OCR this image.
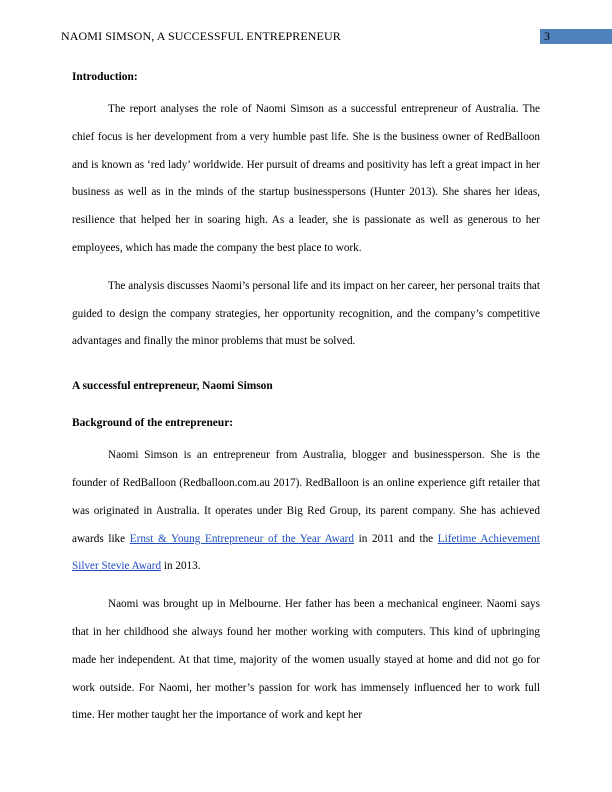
NAOMI SIMSON, A SUCCESSFUL ENTREPRENEUR	3
Introduction:

The report analyses the role of Naomi Simson as a successful entrepreneur of Australia. The chief focus is her development from a very humble past life. She is the business owner of RedBalloon and is known as ‘red lady’ worldwide. Her pursuit of dreams and positivity has left a great impact in her business as well as in the minds of the startup businesspersons (Hunter 2013). She shares her ideas, resilience that helped her in soaring high. As a leader, she is passionate as well as generous to her employees, which has made the company the best place to work.

The analysis discusses Naomi’s personal life and its impact on her career, her personal traits that guided to design the company strategies, her opportunity recognition, and the company’s competitive advantages and finally the minor problems that must be solved.

A successful entrepreneur, Naomi Simson
Background of the entrepreneur:

Naomi Simson is an entrepreneur from Australia, blogger and businessperson. She is the founder of RedBalloon (Redballoon.com.au 2017). RedBalloon is an online experience gift retailer that was originated in Australia. It operates under Big Red Group, its parent company. She has achieved awards like Ernst & Young Entrepreneur of the Year Award in 2011 and the Lifetime Achievement Silver Stevie Award in 2013.

Naomi was brought up in Melbourne. Her father has been a mechanical engineer. Naomi says that in her childhood she always found her mother working with computers. This kind of upbringing made her independent. At that time, majority of the women usually stayed at home and did not go for work outside. For Naomi, her mother’s passion for work has immensely influenced her to work full time. Her mother taught her the importance of work and kept her
